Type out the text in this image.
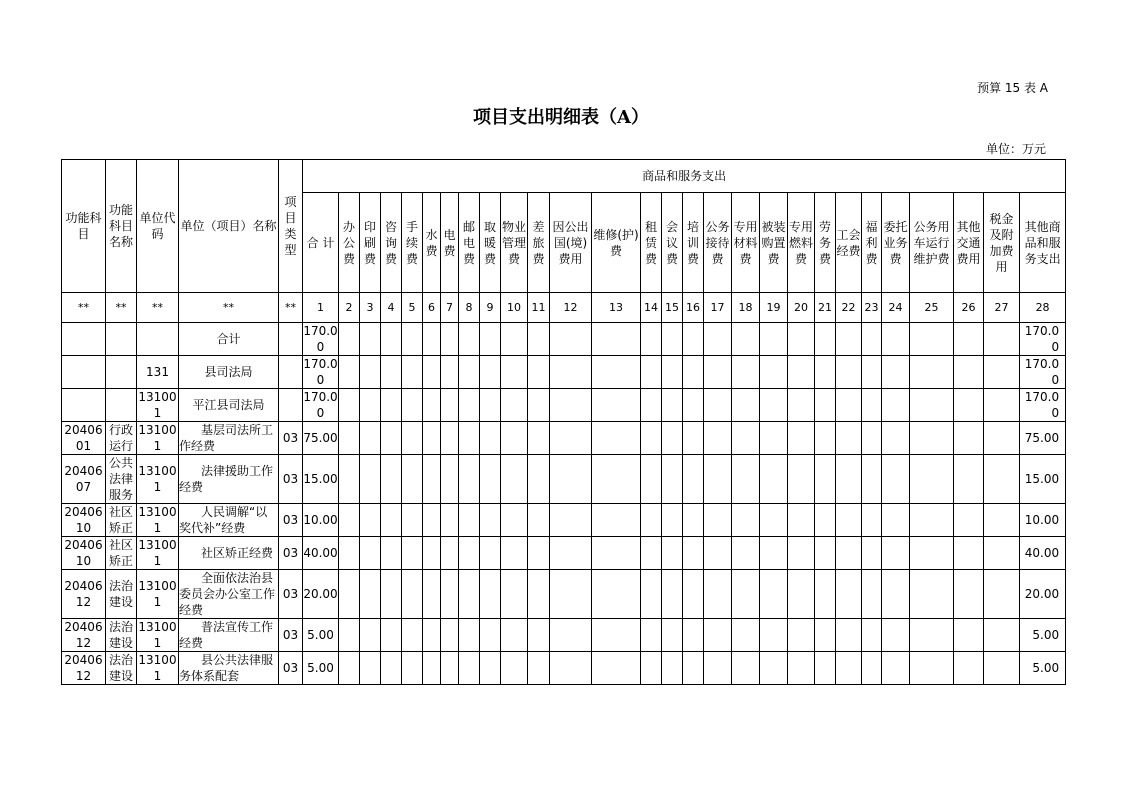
预算 15 表 A
项目支出明细表（A）
单位：万元
功能科目	功能科目名称	单位代码	单位（项目）名称	项目类型	商品和服务支出																											
					合 计	办公费	印刷费	咨询费	手续费	水费	电费	邮电费	取暖费	物业管理费	差旅费	因公出国(境)费用	维修(护)费	租赁费	会议费	培训费	公务接待费	专用材料费	被装购置费	专用燃料费	劳务费	工会经费	福利费	委托业务费	公务用车运行维护费	其他交通费用	税金及附加费用	其他商品和服务支出
**	**	**	**	**	1	2	3	4	5	6	7	8	9	10	11	12	13	14	15	16	17	18	19	20	21	22	23	24	25	26	27	28
			合计		170.00																											170.00
		131	县司法局		170.00																											170.00
		131001	平江县司法局		170.00																											170.00
2040601	行政运行	131001	基层司法所工作经费	03	75.00																											75.00
2040607	公共法律服务	131001	法律援助工作经费	03	15.00																											15.00
2040610	社区矫正	131001	人民调解“以奖代补”经费	03	10.00																											10.00
2040610	社区矫正	131001	社区矫正经费	03	40.00																											40.00
2040612	法治建设	131001	全面依法治县委员会办公室工作经费	03	20.00																											20.00
2040612	法治建设	131001	普法宣传工作经费	03	5.00																											5.00
2040612	法治建设	131001	县公共法律服务体系配套	03	5.00																											5.00
